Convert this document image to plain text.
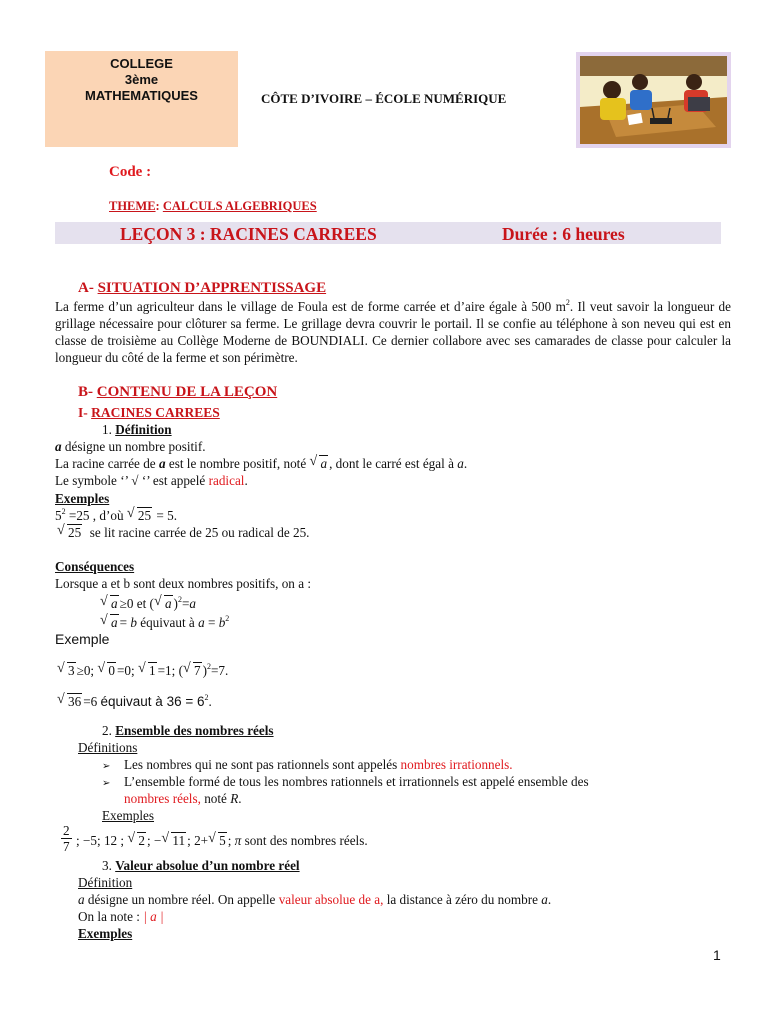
COLLEGE
3ème
MATHEMATIQUES	CÔTE D’IVOIRE – ÉCOLE NUMÉRIQUE
Code :
THEME: CALCULS ALGEBRIQUES
LEÇON 3 : RACINES CARREES	Durée : 6 heures
A- SITUATION D’APPRENTISSAGE
La ferme d’un agriculteur dans le village de Foula est de forme carrée et d’aire égale à 500 $m^2$. Il veut savoir la longueur de grillage nécessaire pour clôturer sa ferme. Le grillage devra couvrir le portail. Il se confie au téléphone à son neveu qui est en classe de troisième au Collège Moderne de BOUNDIALI. Ce dernier collabore avec ses camarades de classe pour calculer la longueur du côté de la ferme et son périmètre.
B- CONTENU DE LA LEÇON
I- RACINES CARREES
1. Définition
a désigne un nombre positif.
La racine carrée de a est le nombre positif, noté √ a , dont le carré est égal à a.
Le symbole ‘’ √ ‘’ est appelé radical.
Exemples
$5^2 =25$ , d’où √ 25 = 5.
√ 25 se lit racine carrée de 25 ou radical de 25.
Conséquences
Lorsque a et b sont deux nombres positifs, on a :
√ a ≥0 et ( √ a )$^2$=a
√ a = b équivaut à $a = b^2$
Exemple
√ 3 ≥0; √ 0 =0; √ 1 =1; ( √ 7 )$^2$=7.
√ 36 =6 équivaut à $36 = 6^2$.
2. Ensemble des nombres réels
Définitions
➢ Les nombres qui ne sont pas rationnels sont appelés nombres irrationnels.
➢ L’ensemble formé de tous les nombres rationnels et irrationnels est appelé ensemble des
nombres réels, noté R.
Exemples
2
7 ; −5; 12 ; √ 2 ; − √ 11 ; 2+ √ 5 ; π sont des nombres réels.
3. Valeur absolue d’un nombre réel
Définition
a désigne un nombre réel. On appelle valeur absolue de a, la distance à zéro du nombre a.
On la note : | a |
Exemples
1
